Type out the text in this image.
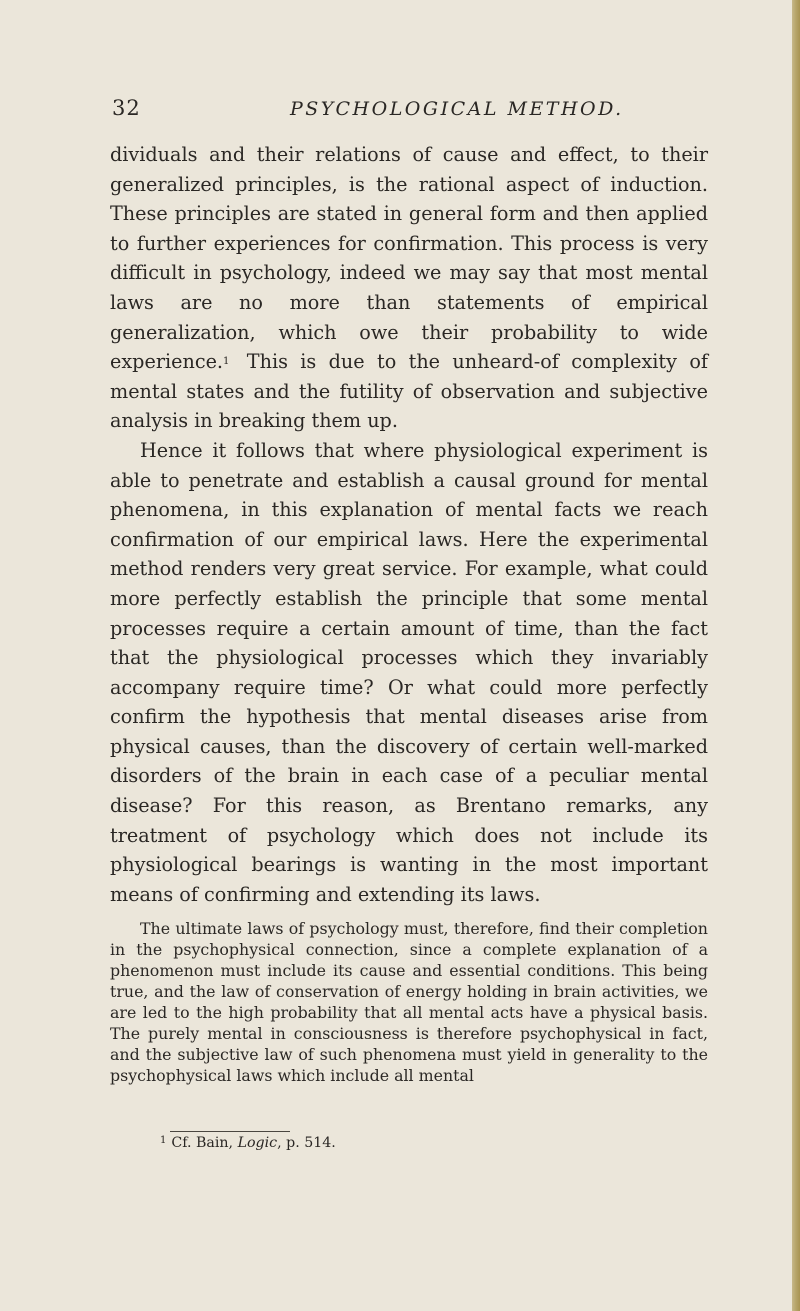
32	PSYCHOLOGICAL METHOD.

dividuals and their relations of cause and effect, to their generalized principles, is the rational aspect of induction. These principles are stated in general form and then applied to further experiences for confirmation. This process is very difficult in psychology, indeed we may say that most mental laws are no more than statements of empirical generalization, which owe their probability to wide experience.$^1$ This is due to the unheard-of complexity of mental states and the futility of observation and subjective analysis in breaking them up.

Hence it follows that where physiological experiment is able to penetrate and establish a causal ground for mental phenomena, in this explanation of mental facts we reach confirmation of our empirical laws. Here the experimental method renders very great service. For example, what could more perfectly establish the principle that some mental processes require a certain amount of time, than the fact that the physiological processes which they invariably accompany require time? Or what could more perfectly confirm the hypothesis that mental diseases arise from physical causes, than the discovery of certain well-marked disorders of the brain in each case of a peculiar mental disease? For this reason, as Brentano remarks, any treatment of psychology which does not include its physiological bearings is wanting in the most important means of confirming and extending its laws.

The ultimate laws of psychology must, therefore, find their completion in the psychophysical connection, since a complete explanation of a phenomenon must include its cause and essential conditions. This being true, and the law of conservation of energy holding in brain activities, we are led to the high probability that all mental acts have a physical basis. The purely mental in consciousness is therefore psychophysical in fact, and the subjective law of such phenomena must yield in generality to the psychophysical laws which include all mental

$^1$ Cf. Bain, Logic, p. 514.
